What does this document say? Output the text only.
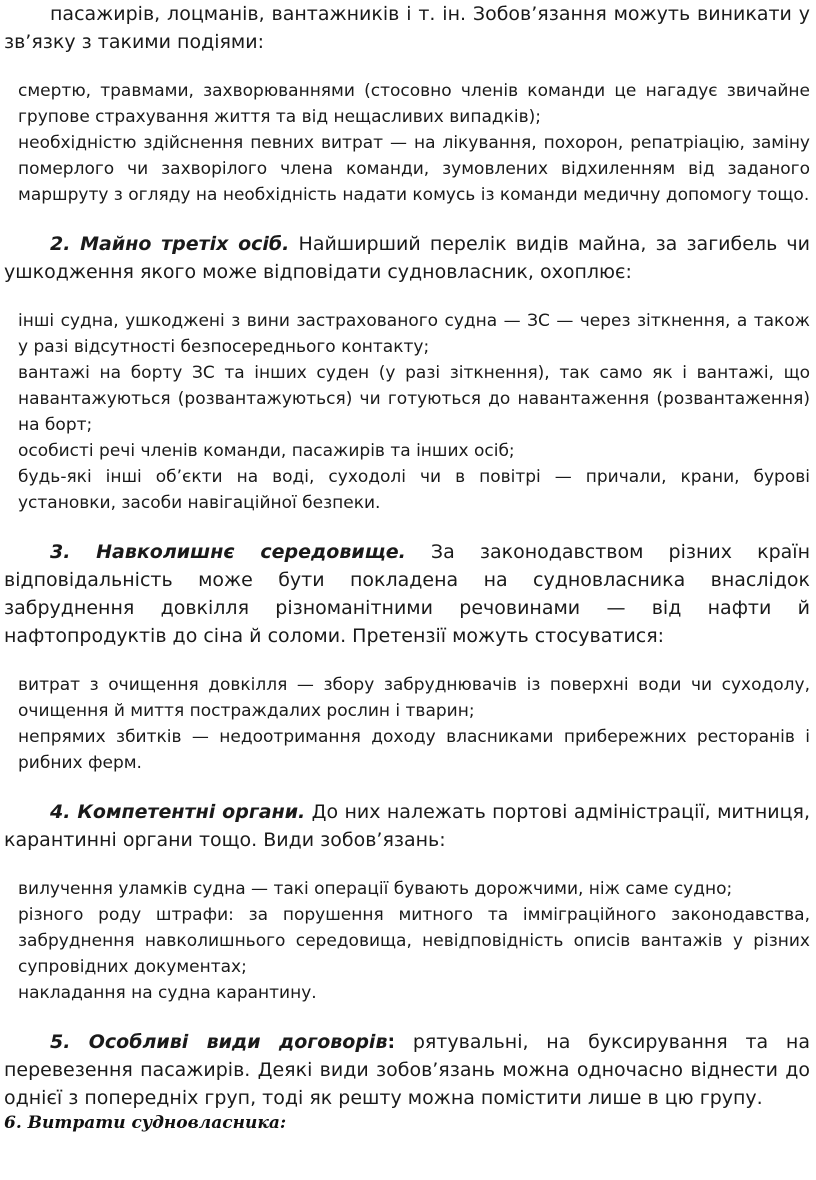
пасажирів, лоцманів, вантажників і т. ін. Зобов’язання можуть виникати у зв’язку з такими подіями:

смертю, травмами, захворюваннями (стосовно членів команди це нагадує звичайне групове страхування життя та від нещасливих випадків);
необхідністю здійснення певних витрат — на лікування, похорон, репатріацію, заміну померлого чи захворілого члена команди, зумовлених відхиленням від заданого маршруту з огляду на необхідність надати комусь із команди медичну допомогу тощо.

2. Майно третіх осіб. Найширший перелік видів майна, за загибель чи ушкодження якого може відповідати судновласник, охоплює:

інші судна, ушкоджені з вини застрахованого судна — ЗС — через зіткнення, а також у разі відсутності безпосереднього контакту;
вантажі на борту ЗС та інших суден (у разі зіткнення), так само як і вантажі, що навантажуються (розвантажуються) чи готуються до навантаження (розвантаження) на борт;
особисті речі членів команди, пасажирів та інших осіб;
будь-які інші об’єкти на воді, суходолі чи в повітрі — причали, крани, бурові установки, засоби навігаційної безпеки.

3. Навколишнє середовище. За законодавством різних країн відповідальність може бути покладена на судновласника внаслідок забруднення довкілля різноманітними речовинами — від нафти й нафтопродуктів до сіна й соломи. Претензії можуть стосуватися:

витрат з очищення довкілля — збору забруднювачів із поверхні води чи суходолу, очищення й миття постраждалих рослин і тварин;
непрямих збитків — недоотримання доходу власниками прибережних ресторанів і рибних ферм.

4. Компетентні органи. До них належать портові адміністрації, митниця, карантинні органи тощо. Види зобов’язань:

вилучення уламків судна — такі операції бувають дорожчими, ніж саме судно;
різного роду штрафи: за порушення митного та імміграційного законодавства, забруднення навколишнього середовища, невідповідність описів вантажів у різних супровідних документах;
накладання на судна карантину.

5. Особливі види договорів: рятувальні, на буксирування та на перевезення пасажирів. Деякі види зобов’язань можна одночасно віднести до однієї з попередніх груп, тоді як решту можна помістити лише в цю групу.

6. Витрати судновласника:
